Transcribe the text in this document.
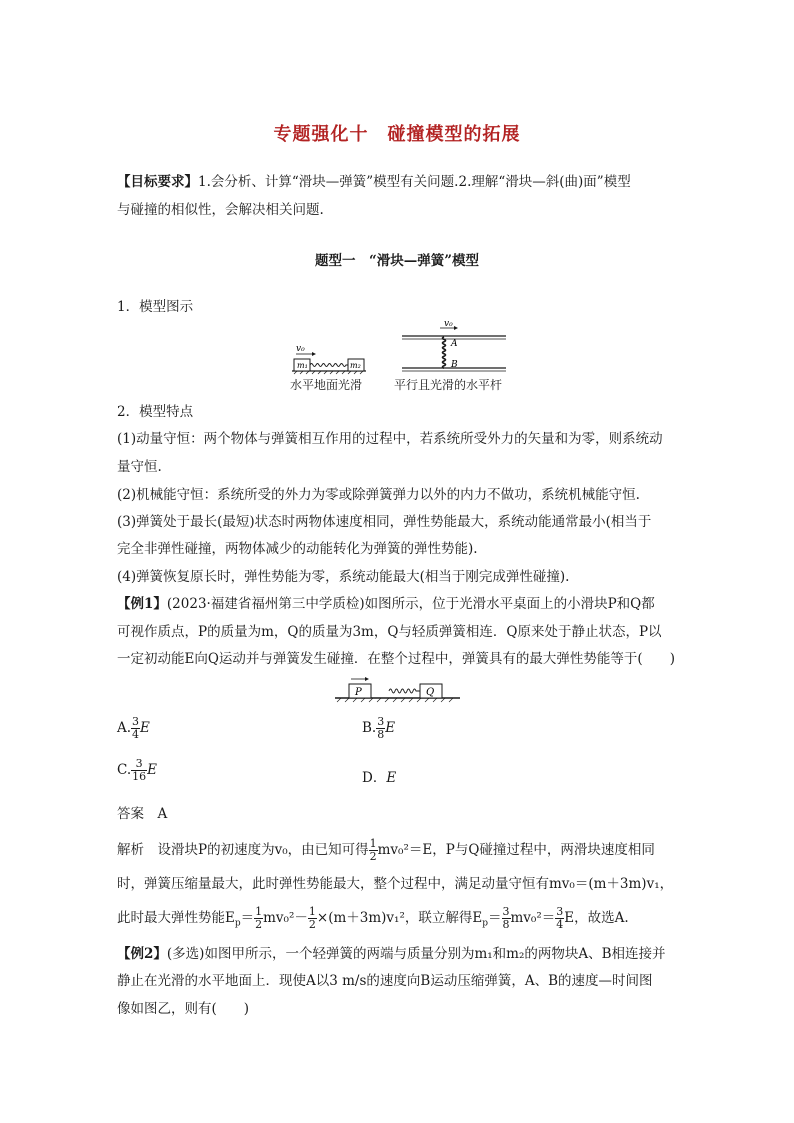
专题强化十　碰撞模型的拓展

【目标要求】1.会分析、计算“滑块—弹簧”模型有关问题.2.理解“滑块—斜(曲)面”模型

与碰撞的相似性，会解决相关问题.

题型一　“滑块—弹簧”模型

1．模型图示

v₀
m₁	m₂
v₀
A
B
水平地面光滑	平行且光滑的水平杆

2．模型特点

(1)动量守恒：两个物体与弹簧相互作用的过程中，若系统所受外力的矢量和为零，则系统动

量守恒.

(2)机械能守恒：系统所受的外力为零或除弹簧弹力以外的内力不做功，系统机械能守恒.

(3)弹簧处于最长(最短)状态时两物体速度相同，弹性势能最大，系统动能通常最小(相当于

完全非弹性碰撞，两物体减少的动能转化为弹簧的弹性势能).

(4)弹簧恢复原长时，弹性势能为零，系统动能最大(相当于刚完成弹性碰撞).

【例1】(2023·福建省福州第三中学质检)如图所示，位于光滑水平桌面上的小滑块P和Q都

可视作质点，P的质量为m，Q的质量为3m，Q与轻质弹簧相连．Q原来处于静止状态，P以

一定初动能E向Q运动并与弹簧发生碰撞．在整个过程中，弹簧具有的最大弹性势能等于(　　)

P	Q
A. $\frac{3}{4}$ E	B. $\frac{3}{8}$ E
C. $\frac{3}{16}$ E	D．E

答案　 A

解析　 设滑块P的初速度为v₀，由已知可得 $\frac{1}{2} mv_0^2=E$，P与Q碰撞过程中，两滑块速度相同

时，弹簧压缩量最大，此时弹性势能最大，整个过程中，满足动量守恒有mv₀＝(m＋3m)v₁，

此时最大弹性势能$E_p= \frac{1}{2} mv_0^2- \frac{1}{2} \times(m+3m)v_1^2$，联立解得$E_p= \frac{3}{8} mv_0^2= \frac{3}{4}$ E，故选A.

【例2】(多选)如图甲所示，一个轻弹簧的两端与质量分别为m₁和m₂的两物块A、B相连接并

静止在光滑的水平地面上．现使A以3 m/s的速度向B运动压缩弹簧，A、B的速度—时间图

像如图乙，则有(　　)
